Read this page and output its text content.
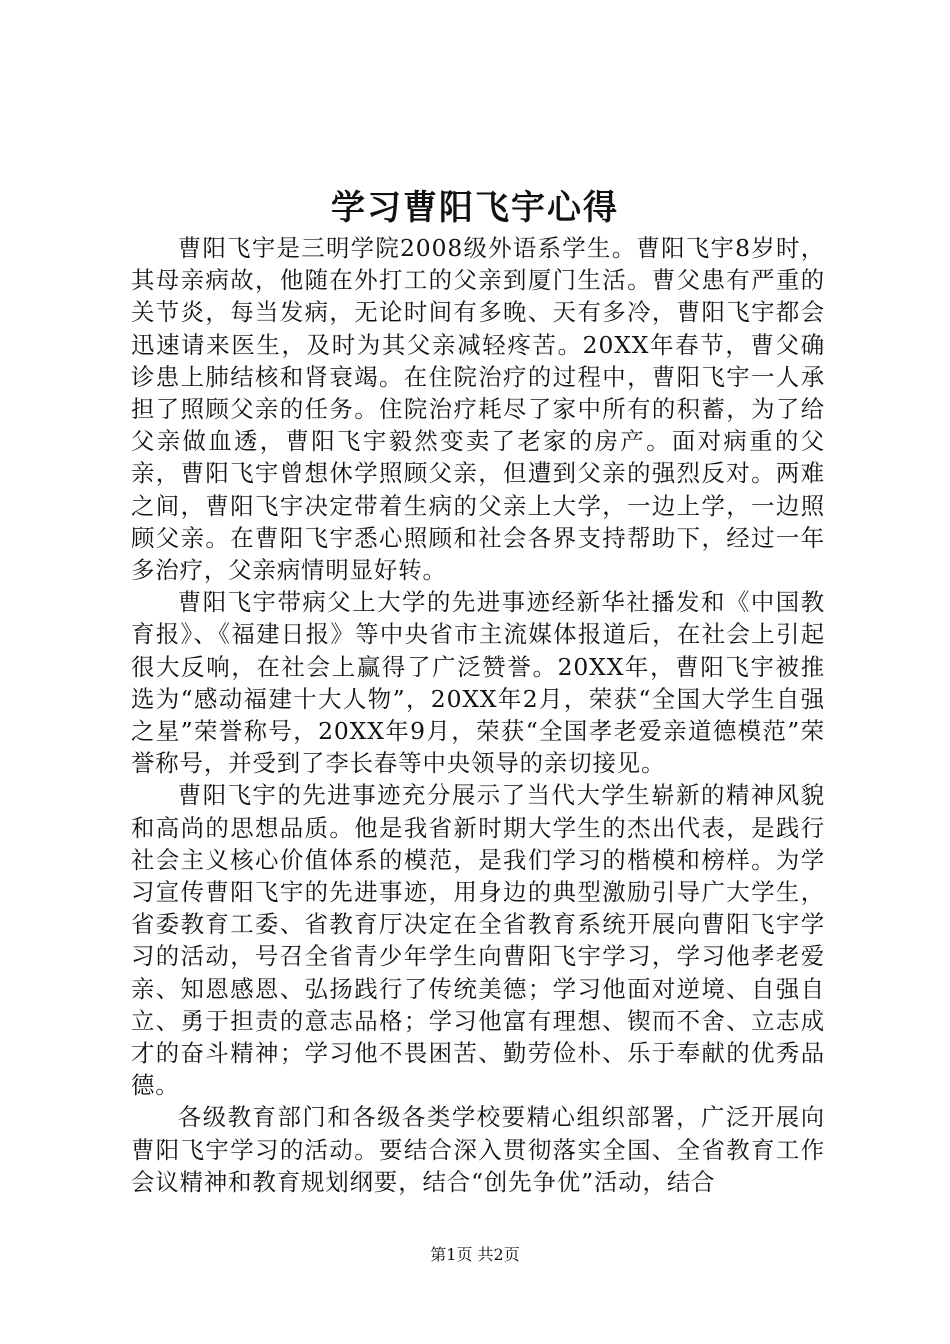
学习曹阳飞宇心得

曹阳飞宇是三明学院2008级外语系学生。曹阳飞宇8岁时，其母亲病故，他随在外打工的父亲到厦门生活。曹父患有严重的关节炎，每当发病，无论时间有多晚、天有多冷，曹阳飞宇都会迅速请来医生，及时为其父亲减轻疼苦。20XX年春节，曹父确诊患上肺结核和肾衰竭。在住院治疗的过程中，曹阳飞宇一人承担了照顾父亲的任务。住院治疗耗尽了家中所有的积蓄，为了给父亲做血透，曹阳飞宇毅然变卖了老家的房产。面对病重的父亲，曹阳飞宇曾想休学照顾父亲，但遭到父亲的强烈反对。两难之间，曹阳飞宇决定带着生病的父亲上大学，一边上学，一边照顾父亲。在曹阳飞宇悉心照顾和社会各界支持帮助下，经过一年多治疗，父亲病情明显好转。

曹阳飞宇带病父上大学的先进事迹经新华社播发和《中国教育报》、《福建日报》等中央省市主流媒体报道后，在社会上引起很大反响，在社会上赢得了广泛赞誉。20XX年，曹阳飞宇被推选为“感动福建十大人物”，20XX年2月，荣获“全国大学生自强之星”荣誉称号，20XX年9月，荣获“全国孝老爱亲道德模范”荣誉称号，并受到了李长春等中央领导的亲切接见。

曹阳飞宇的先进事迹充分展示了当代大学生崭新的精神风貌和高尚的思想品质。他是我省新时期大学生的杰出代表，是践行社会主义核心价值体系的模范，是我们学习的楷模和榜样。为学习宣传曹阳飞宇的先进事迹，用身边的典型激励引导广大学生，省委教育工委、省教育厅决定在全省教育系统开展向曹阳飞宇学习的活动，号召全省青少年学生向曹阳飞宇学习，学习他孝老爱亲、知恩感恩、弘扬践行了传统美德；学习他面对逆境、自强自立、勇于担责的意志品格；学习他富有理想、锲而不舍、立志成才的奋斗精神；学习他不畏困苦、勤劳俭朴、乐于奉献的优秀品德。

各级教育部门和各级各类学校要精心组织部署，广泛开展向曹阳飞宇学习的活动。要结合深入贯彻落实全国、全省教育工作会议精神和教育规划纲要，结合“创先争优”活动，结合

第1页 共2页
